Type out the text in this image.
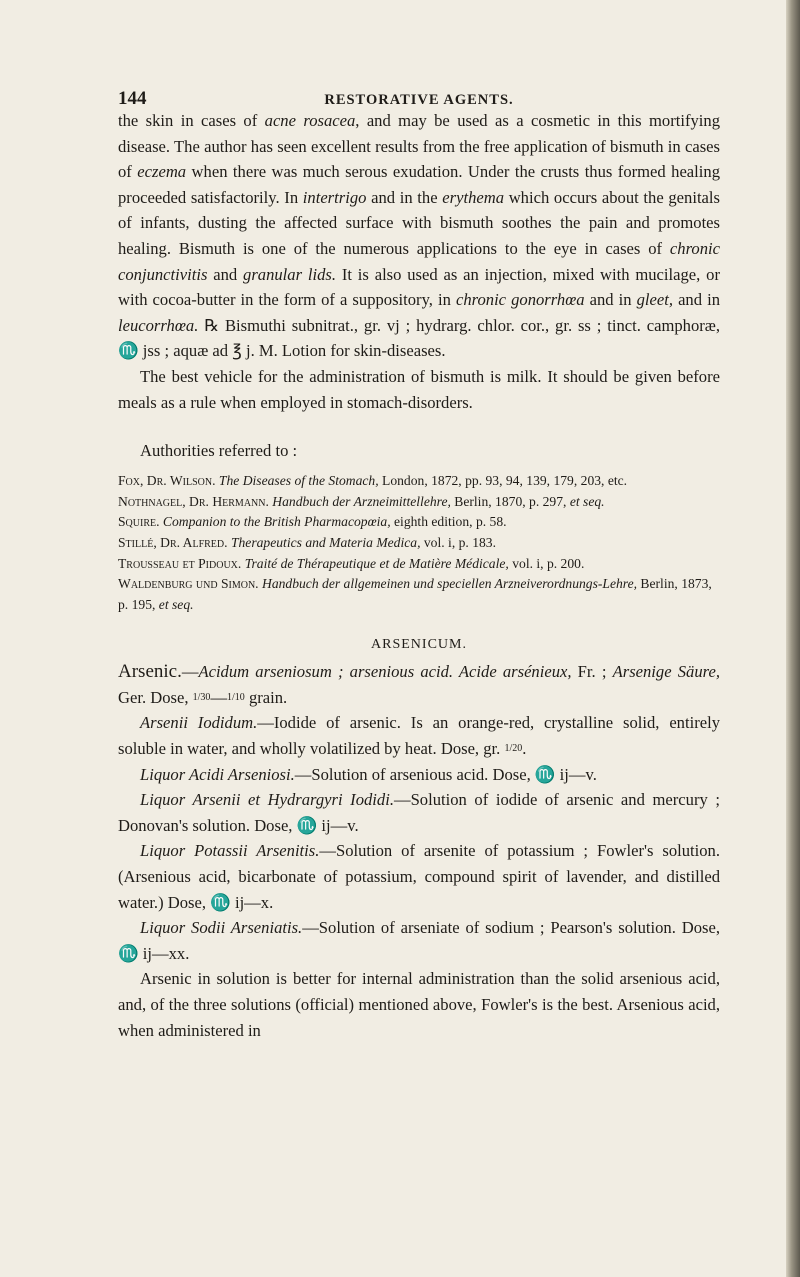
144	RESTORATIVE AGENTS.

the skin in cases of acne rosacea, and may be used as a cosmetic in this mortifying disease. The author has seen excellent results from the free application of bismuth in cases of eczema when there was much serous exudation. Under the crusts thus formed healing proceeded satisfactorily. In intertrigo and in the erythema which occurs about the genitals of infants, dusting the affected surface with bismuth soothes the pain and promotes healing. Bismuth is one of the numerous applications to the eye in cases of chronic conjunctivitis and granular lids. It is also used as an injection, mixed with mucilage, or with cocoa-butter in the form of a suppository, in chronic gonorrhœa and in gleet, and in leucorrhœa. ℞ Bismuthi subnitrat., gr. vj ; hydrarg. chlor. cor., gr. ss ; tinct. camphoræ, ♏ jss ; aquæ ad ℥ j. M. Lotion for skin-diseases.

The best vehicle for the administration of bismuth is milk. It should be given before meals as a rule when employed in stomach-disorders.

Authorities referred to :
Fox, Dr. Wilson. The Diseases of the Stomach, London, 1872, pp. 93, 94, 139, 179, 203, etc.
Nothnagel, Dr. Hermann. Handbuch der Arzneimittellehre, Berlin, 1870, p. 297, et seq.
Squire. Companion to the British Pharmacopœia, eighth edition, p. 58.
Stillé, Dr. Alfred. Therapeutics and Materia Medica, vol. i, p. 183.
Trousseau et Pidoux. Traité de Thérapeutique et de Matière Médicale, vol. i, p. 200.
Waldenburg und Simon. Handbuch der allgemeinen und speciellen Arzneiverordnungs-Lehre, Berlin, 1873, p. 195, et seq.
ARSENICUM.

Arsenic.—Acidum arseniosum ; arsenious acid. Acide arsénieux, Fr. ; Arsenige Säure, Ger. Dose, 1/30—1/10 grain.

Arsenii Iodidum.—Iodide of arsenic. Is an orange-red, crystalline solid, entirely soluble in water, and wholly volatilized by heat. Dose, gr. 1/20.

Liquor Acidi Arseniosi.—Solution of arsenious acid. Dose, ♏ ij—v.

Liquor Arsenii et Hydrargyri Iodidi.—Solution of iodide of arsenic and mercury ; Donovan's solution. Dose, ♏ ij—v.

Liquor Potassii Arsenitis.—Solution of arsenite of potassium ; Fowler's solution. (Arsenious acid, bicarbonate of potassium, compound spirit of lavender, and distilled water.) Dose, ♏ ij—x.

Liquor Sodii Arseniatis.—Solution of arseniate of sodium ; Pearson's solution. Dose, ♏ ij—xx.

Arsenic in solution is better for internal administration than the solid arsenious acid, and, of the three solutions (official) mentioned above, Fowler's is the best. Arsenious acid, when administered in
